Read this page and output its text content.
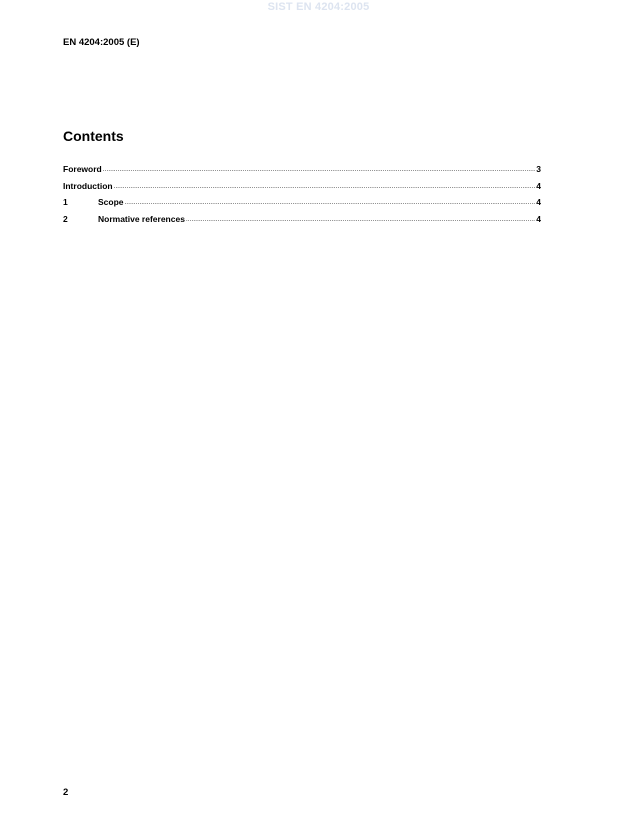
SIST EN 4204:2005
EN 4204:2005 (E)
Contents
Foreword .....	3
Introduction .....	4
1	Scope .....	4
2	Normative references .....	4
2
